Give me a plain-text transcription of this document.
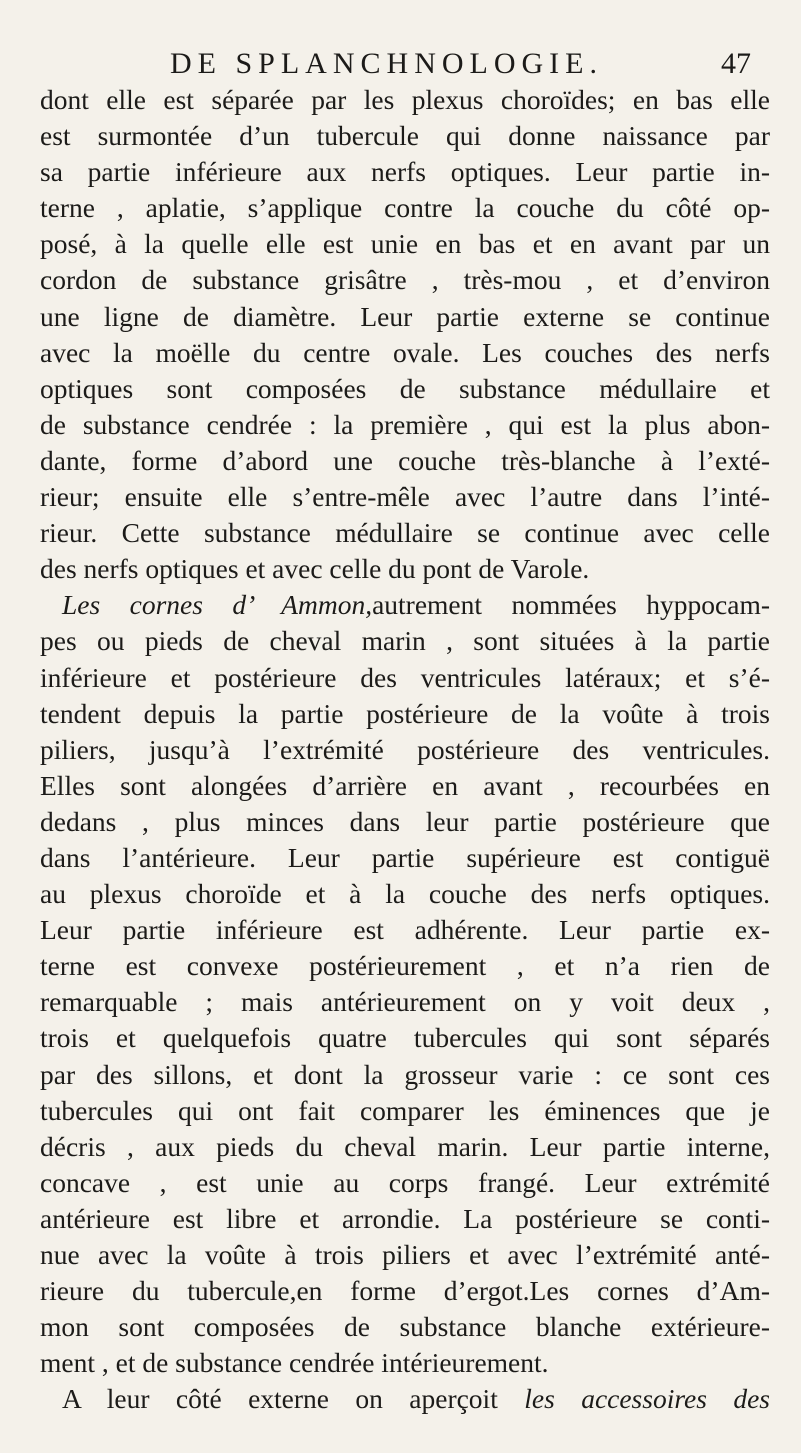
DE SPLANCHNOLOGIE.	47
dont elle est séparée par les plexus choroïdes; en bas elle
est surmontée d’un tubercule qui donne naissance par
sa partie inférieure aux nerfs optiques. Leur partie in-
terne , aplatie, s’applique contre la couche du côté op-
posé, à la quelle elle est unie en bas et en avant par un
cordon de substance grisâtre , très-mou , et d’environ
une ligne de diamètre. Leur partie externe se continue
avec la moëlle du centre ovale. Les couches des nerfs
optiques sont composées de substance médullaire et
de substance cendrée : la première , qui est la plus abon-
dante, forme d’abord une couche très-blanche à l’exté-
rieur; ensuite elle s’entre-mêle avec l’autre dans l’inté-
rieur. Cette substance médullaire se continue avec celle
des nerfs optiques et avec celle du pont de Varole.
Les cornes d’ Ammon,autrement nommées hyppocam-
pes ou pieds de cheval marin , sont situées à la partie
inférieure et postérieure des ventricules latéraux; et s’é-
tendent depuis la partie postérieure de la voûte à trois
piliers, jusqu’à l’extrémité postérieure des ventricules.
Elles sont alongées d’arrière en avant , recourbées en
dedans , plus minces dans leur partie postérieure que
dans l’antérieure. Leur partie supérieure est contiguë
au plexus choroïde et à la couche des nerfs optiques.
Leur partie inférieure est adhérente. Leur partie ex-
terne est convexe postérieurement , et n’a rien de
remarquable ; mais antérieurement on y voit deux ,
trois et quelquefois quatre tubercules qui sont séparés
par des sillons, et dont la grosseur varie : ce sont ces
tubercules qui ont fait comparer les éminences que je
décris , aux pieds du cheval marin. Leur partie interne,
concave , est unie au corps frangé. Leur extrémité
antérieure est libre et arrondie. La postérieure se conti-
nue avec la voûte à trois piliers et avec l’extrémité anté-
rieure du tubercule,en forme d’ergot.Les cornes d’Am-
mon sont composées de substance blanche extérieure-
ment , et de substance cendrée intérieurement.
A leur côté externe on aperçoit les accessoires des
